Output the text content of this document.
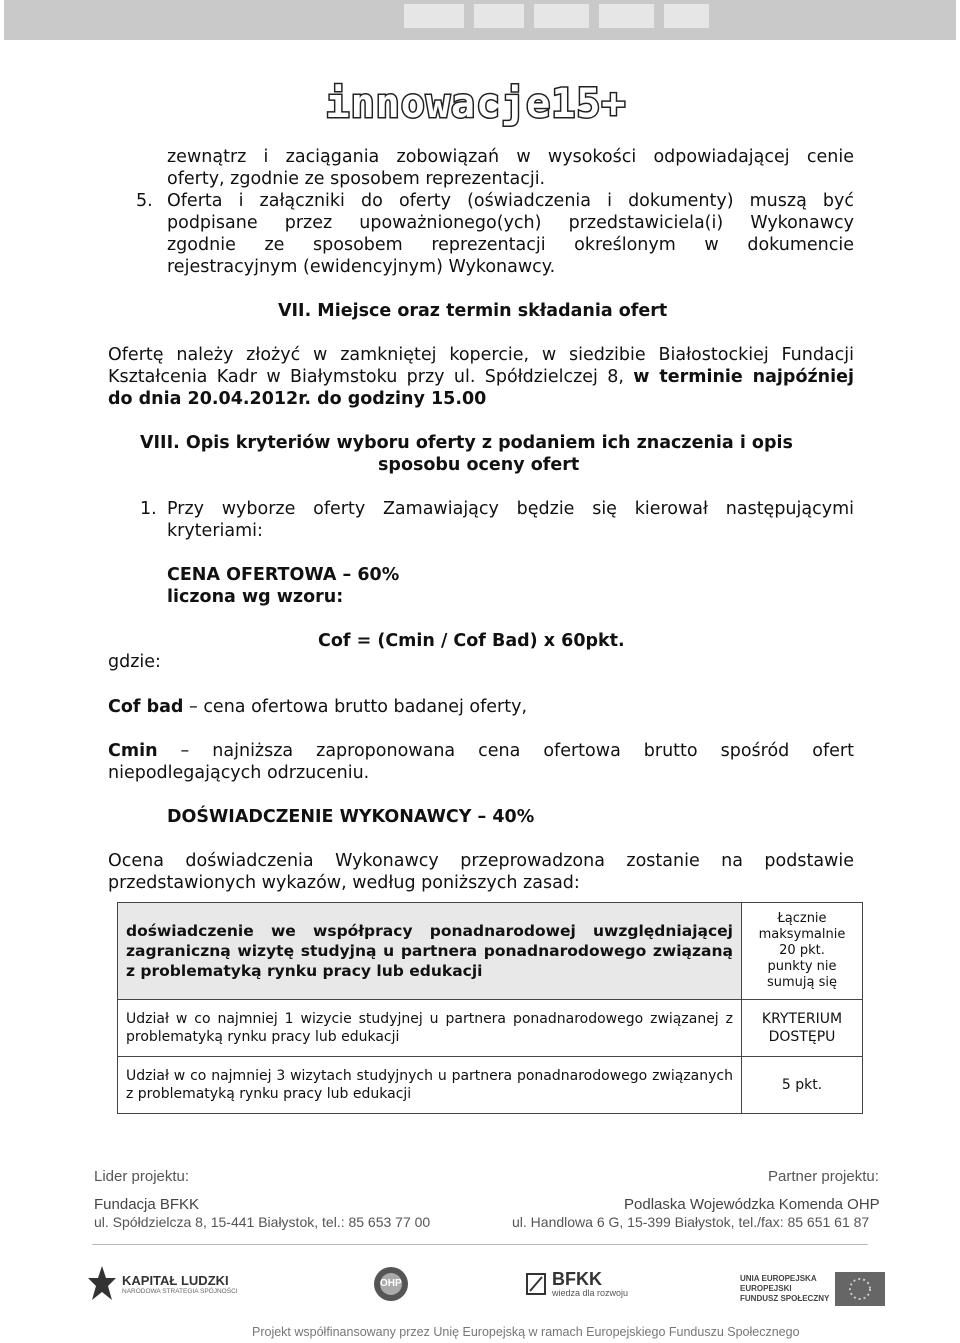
innowacje15+
zewnątrz i zaciągania zobowiązań w wysokości odpowiadającej cenie
oferty, zgodnie ze sposobem reprezentacji.
5. Oferta i załączniki do oferty (oświadczenia i dokumenty) muszą być
podpisane przez upoważnionego(ych) przedstawiciela(i) Wykonawcy
zgodnie ze sposobem reprezentacji określonym w dokumencie
rejestracyjnym (ewidencyjnym) Wykonawcy.
VII. Miejsce oraz termin składania ofert
Ofertę należy złożyć w zamkniętej kopercie, w siedzibie Białostockiej Fundacji
Kształcenia Kadr w Białymstoku przy ul. Spółdzielczej 8, w terminie najpóźniej
do dnia 20.04.2012r. do godziny 15.00
VIII. Opis kryteriów wyboru oferty z podaniem ich znaczenia i opis
sposobu oceny ofert
1. Przy wyborze oferty Zamawiający będzie się kierował następującymi
kryteriami:
CENA OFERTOWA – 60%
liczona wg wzoru:
Cof = (Cmin / Cof Bad) x 60pkt.
gdzie:
Cof bad – cena ofertowa brutto badanej oferty,
Cmin – najniższa zaproponowana cena ofertowa brutto spośród ofert
niepodlegających odrzuceniu.
DOŚWIADCZENIE WYKONAWCY – 40%
Ocena doświadczenia Wykonawcy przeprowadzona zostanie na podstawie
przedstawionych wykazów, według poniższych zasad:
doświadczenie we współpracy ponadnarodowej uwzględniającej zagraniczną wizytę studyjną u partnera ponadnarodowego związaną z problematyką rynku pracy lub edukacji	Łącznie
maksymalnie
20 pkt.
punkty nie
sumują się

Udział w co najmniej 1 wizycie studyjnej u partnera ponadnarodowego związanej z problematyką rynku pracy lub edukacji	KRYTERIUM
DOSTĘPU

Udział w co najmniej 3 wizytach studyjnych u partnera ponadnarodowego związanych z problematyką rynku pracy lub edukacji	5 pkt.
Lider projektu:
Fundacja BFKK
ul. Spółdzielcza 8, 15-441 Białystok, tel.: 85 653 77 00
Partner projektu:
Podlaska Wojewódzka Komenda OHP
ul. Handlowa 6 G, 15-399 Białystok, tel./fax: 85 651 61 87
KAPITAŁ LUDZKI
NARODOWA STRATEGIA SPÓJNOŚCI
OHP	BFKK
wiedza dla rozwoju
UNIA EUROPEJSKA
EUROPEJSKI
FUNDUSZ SPOŁECZNY
Projekt współfinansowany przez Unię Europejską w ramach Europejskiego Funduszu Społecznego
